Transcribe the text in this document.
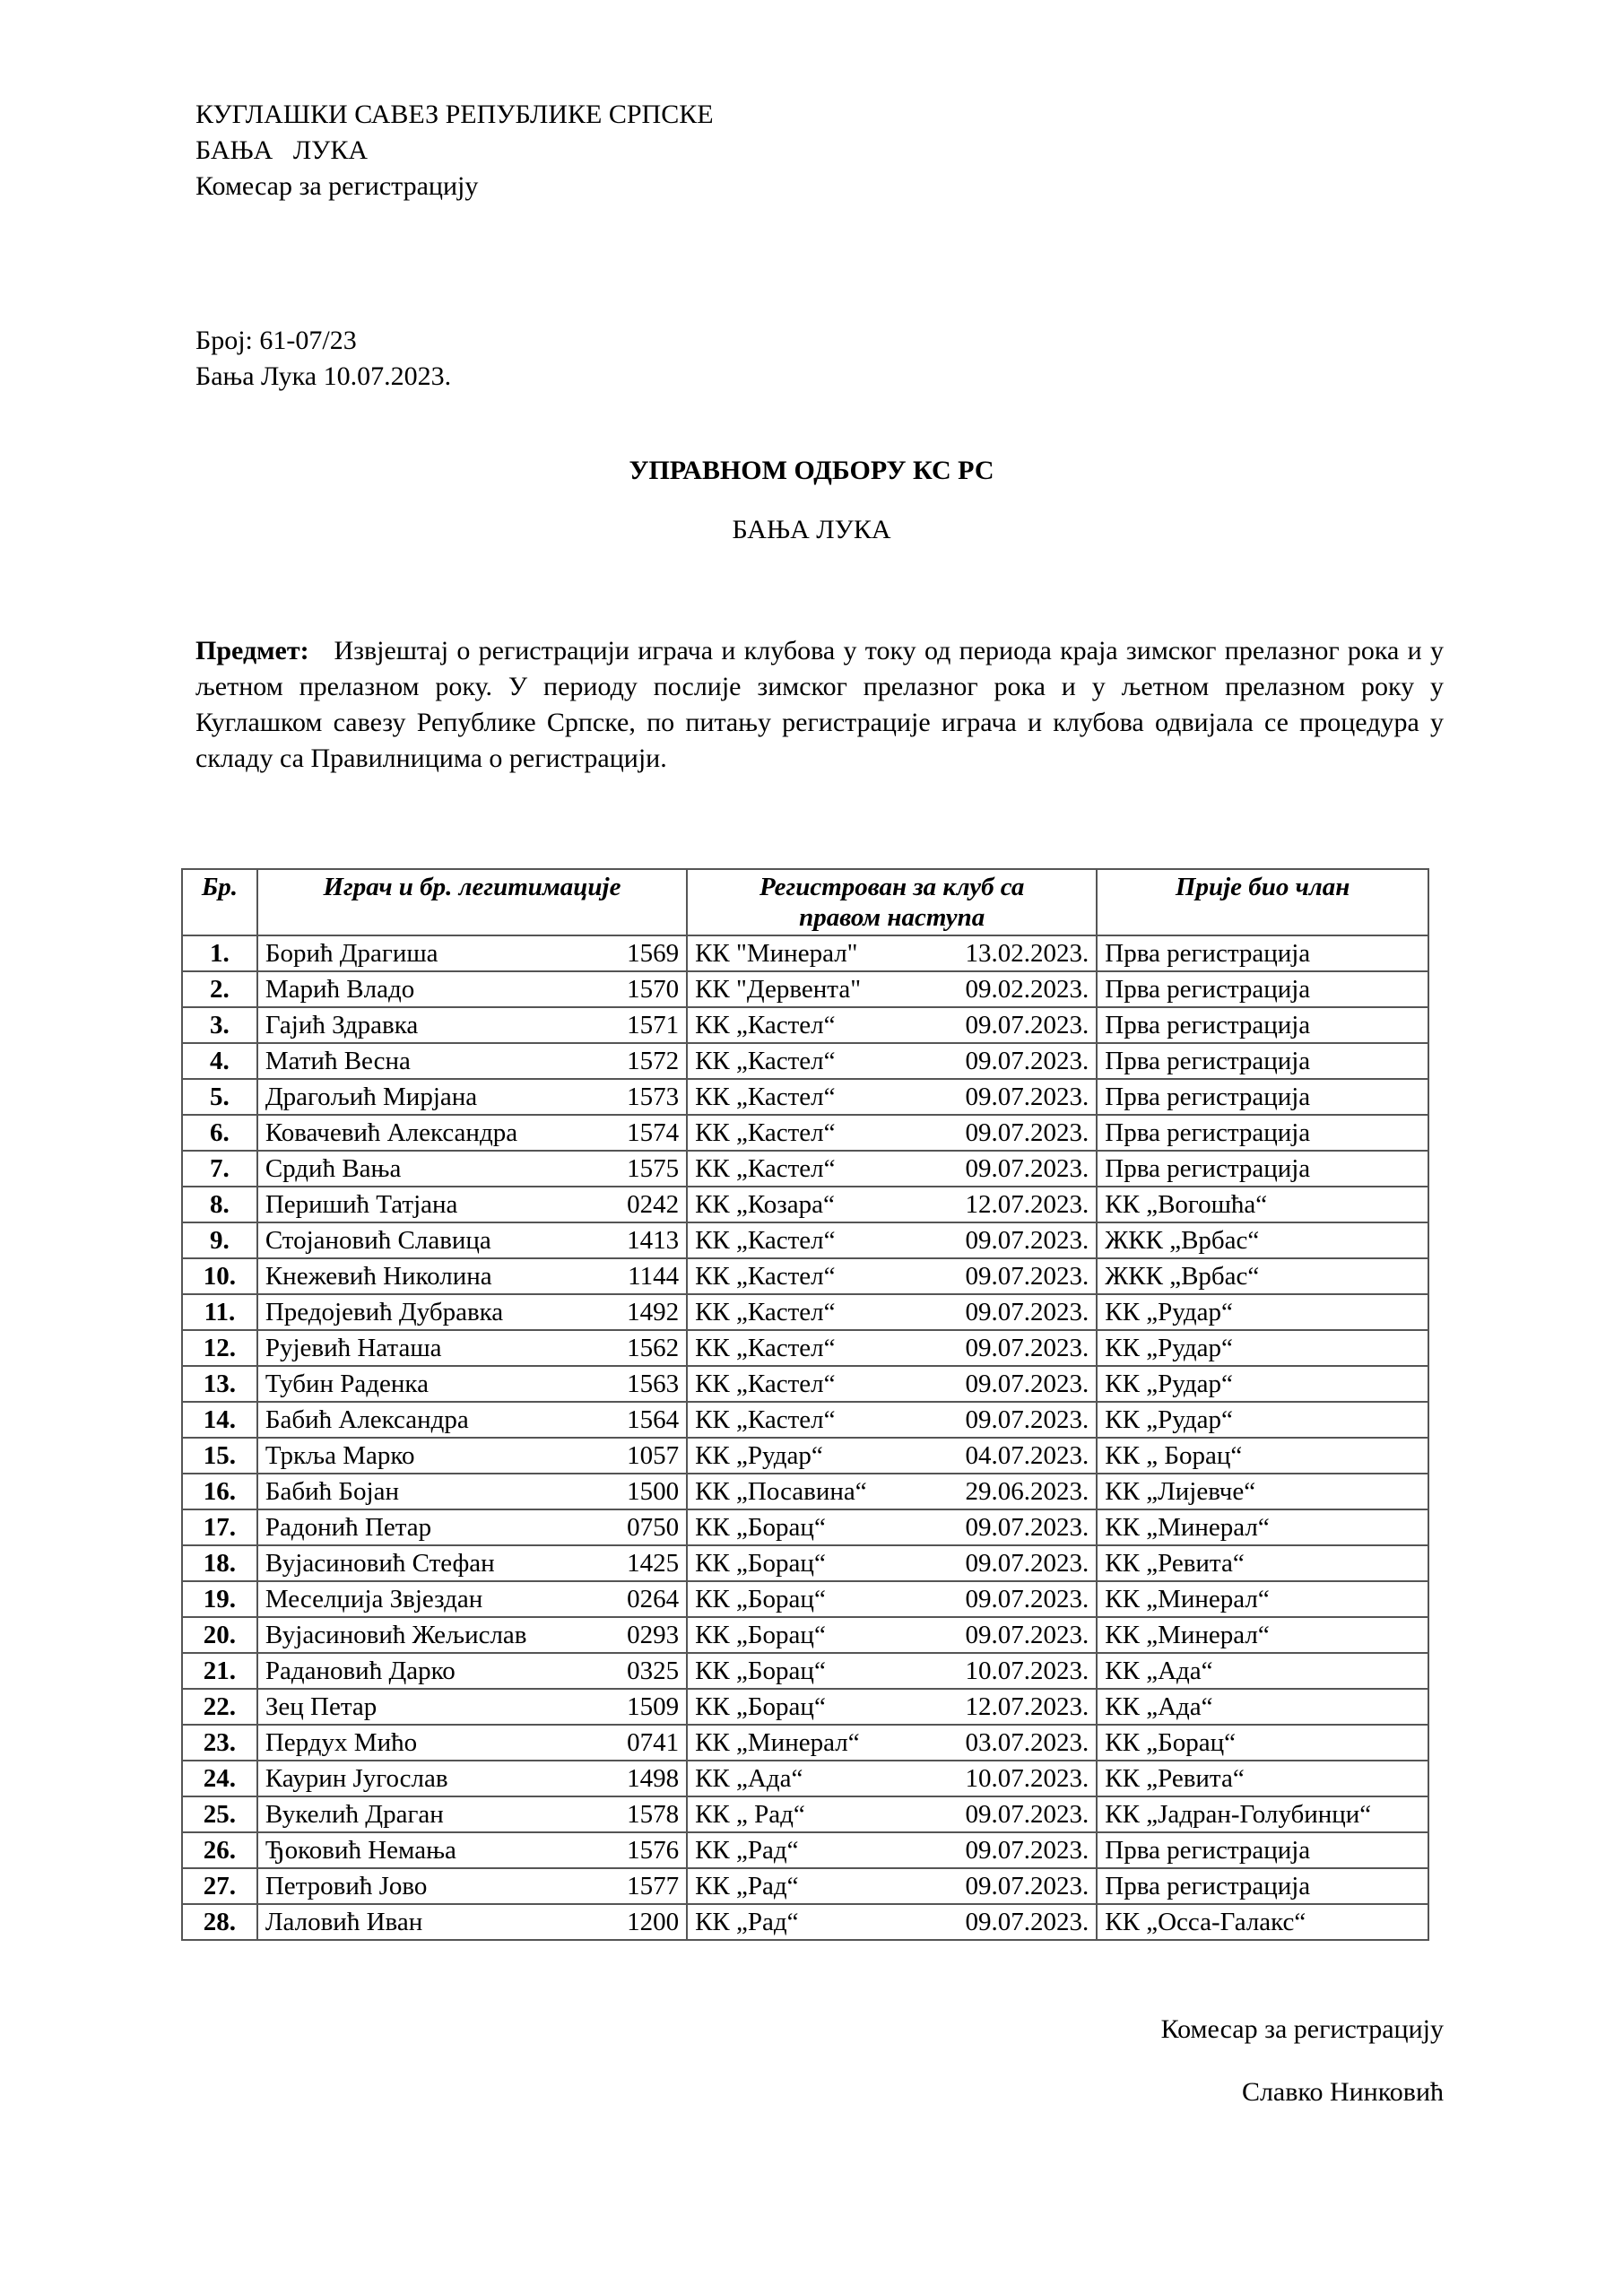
КУГЛАШКИ САВЕЗ РЕПУБЛИКЕ СРПСКЕ
БАЊА   ЛУКА
Комесар за регистрацију
Број: 61-07/23
Бања Лука 10.07.2023.
УПРАВНОМ ОДБОРУ КС РС
БАЊА ЛУКА
Предмет: Извјештај о регистрацији играча и клубова у току од периода краја зимског прелазног рока и у љетном прелазном року. У периоду послије зимског прелазног рока и у љетном прелазном року у Куглашком савезу Републике Српске, по питању регистрације играча и клубова одвијала се процедура у складу са Правилницима о регистрацији.
Бр.	Играч и бр. легитимације	Регистрован за клуб са правом наступа	Прије био члан
1.	Борић Драгиша 1569	КК "Минерал" 13.02.2023.	Прва регистрација
2.	Марић Владо 1570	КК "Дервента" 09.02.2023.	Прва регистрација
3.	Гајић Здравка 1571	КК „Кастел“ 09.07.2023.	Прва регистрација
4.	Матић Весна 1572	КК „Кастел“ 09.07.2023.	Прва регистрација
5.	Драгољић Мирјана 1573	КК „Кастел“ 09.07.2023.	Прва регистрација
6.	Ковачевић Александра 1574	КК „Кастел“ 09.07.2023.	Прва регистрација
7.	Срдић Вања 1575	КК „Кастел“ 09.07.2023.	Прва регистрација
8.	Перишић Татјана 0242	КК „Козара“ 12.07.2023.	КК „Вогошћа“
9.	Стојановић Славица 1413	КК „Кастел“ 09.07.2023.	ЖКК „Врбас“
10.	Кнежевић Николина 1144	КК „Кастел“ 09.07.2023.	ЖКК „Врбас“
11.	Предојевић Дубравка 1492	КК „Кастел“ 09.07.2023.	КК „Рудар“
12.	Рујевић Наташа 1562	КК „Кастел“ 09.07.2023.	КК „Рудар“
13.	Тубин Раденка 1563	КК „Кастел“ 09.07.2023.	КК „Рудар“
14.	Бабић Александра 1564	КК „Кастел“ 09.07.2023.	КК „Рудар“
15.	Тркља Марко 1057	КК „Рудар“ 04.07.2023.	КК „ Борац“
16.	Бабић Бојан 1500	КК „Посавина“ 29.06.2023.	КК „Лијевче“
17.	Радонић Петар 0750	КК „Борац“ 09.07.2023.	КК „Минерал“
18.	Вујасиновић Стефан 1425	КК „Борац“ 09.07.2023.	КК „Ревита“
19.	Меселџија Звјездан 0264	КК „Борац“ 09.07.2023.	КК „Минерал“
20.	Вујасиновић Жељислав 0293	КК „Борац“ 09.07.2023.	КК „Минерал“
21.	Радановић Дарко 0325	КК „Борац“ 10.07.2023.	КК „Ада“
22.	Зец Петар 1509	КК „Борац“ 12.07.2023.	КК „Ада“
23.	Пердух Мићо 0741	КК „Минерал“ 03.07.2023.	КК „Борац“
24.	Каурин Југослав 1498	КК „Ада“ 10.07.2023.	КК „Ревита“
25.	Вукелић Драган 1578	КК „ Рад“ 09.07.2023.	КК „Јадран-Голубинци“
26.	Ђоковић Немања 1576	КК „Рад“ 09.07.2023.	Прва регистрација
27.	Петровић Јово 1577	КК „Рад“ 09.07.2023.	Прва регистрација
28.	Лаловић Иван 1200	КК „Рад“ 09.07.2023.	КК „Осса-Галакс“
Комесар за регистрацију
Славко Нинковић
